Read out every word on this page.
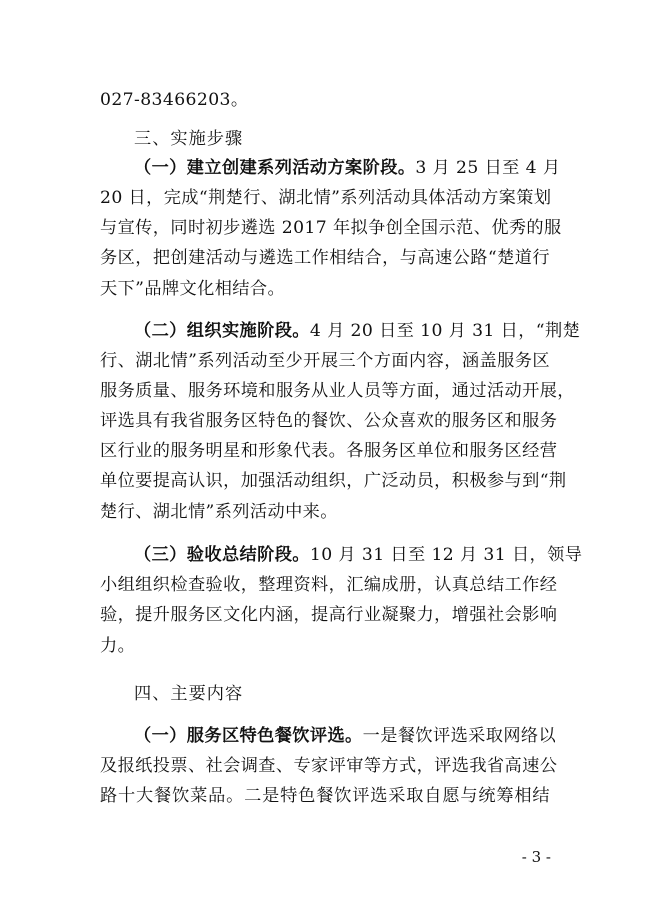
027-83466203。
三、实施步骤
（一）建立创建系列活动方案阶段。3 月 25 日至 4 月
20 日，完成“荆楚行、湖北情”系列活动具体活动方案策划
与宣传，同时初步遴选 2017 年拟争创全国示范、优秀的服
务区，把创建活动与遴选工作相结合，与高速公路“楚道行
天下”品牌文化相结合。
（二）组织实施阶段。4 月 20 日至 10 月 31 日，“荆楚
行、湖北情”系列活动至少开展三个方面内容，涵盖服务区
服务质量、服务环境和服务从业人员等方面，通过活动开展，
评选具有我省服务区特色的餐饮、公众喜欢的服务区和服务
区行业的服务明星和形象代表。各服务区单位和服务区经营
单位要提高认识，加强活动组织，广泛动员，积极参与到“荆
楚行、湖北情”系列活动中来。
（三）验收总结阶段。10 月 31 日至 12 月 31 日，领导
小组组织检查验收，整理资料，汇编成册，认真总结工作经
验，提升服务区文化内涵，提高行业凝聚力，增强社会影响
力。
四、主要内容
（一）服务区特色餐饮评选。一是餐饮评选采取网络以
及报纸投票、社会调查、专家评审等方式，评选我省高速公
路十大餐饮菜品。二是特色餐饮评选采取自愿与统筹相结
- 3 -
